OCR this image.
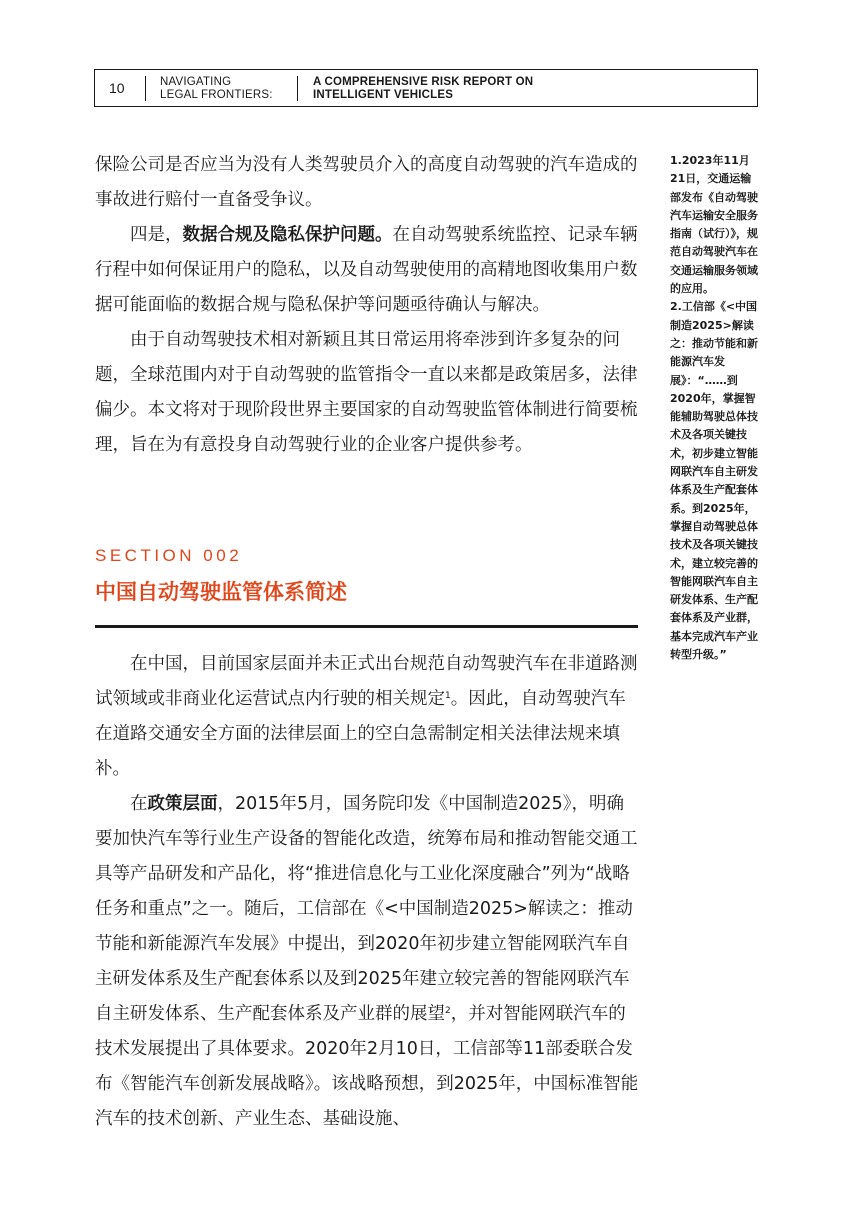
10	NAVIGATING
LEGAL FRONTIERS:
A COMPREHENSIVE RISK REPORT ON
INTELLIGENT VEHICLES

保险公司是否应当为没有人类驾驶员介入的高度自动驾驶的汽车造成的事故进行赔付一直备受争议。

四是，数据合规及隐私保护问题。在自动驾驶系统监控、记录车辆行程中如何保证用户的隐私，以及自动驾驶使用的高精地图收集用户数据可能面临的数据合规与隐私保护等问题亟待确认与解决。

由于自动驾驶技术相对新颖且其日常运用将牵涉到许多复杂的问题，全球范围内对于自动驾驶的监管指令一直以来都是政策居多，法律偏少。本文将对于现阶段世界主要国家的自动驾驶监管体制进行简要梳理，旨在为有意投身自动驾驶行业的企业客户提供参考。

SECTION 002
中国自动驾驶监管体系简述

在中国，目前国家层面并未正式出台规范自动驾驶汽车在非道路测试领域或非商业化运营试点内行驶的相关规定$^1$。因此，自动驾驶汽车在道路交通安全方面的法律层面上的空白急需制定相关法律法规来填补。

在政策层面，2015年5月，国务院印发《中国制造2025》，明确要加快汽车等行业生产设备的智能化改造，统筹布局和推动智能交通工具等产品研发和产品化，将“推进信息化与工业化深度融合”列为“战略任务和重点”之一。随后，工信部在《<中国制造2025>解读之：推动节能和新能源汽车发展》中提出，到2020年初步建立智能网联汽车自主研发体系及生产配套体系以及到2025年建立较完善的智能网联汽车自主研发体系、生产配套体系及产业群的展望$^2$，并对智能网联汽车的技术发展提出了具体要求。2020年2月10日，工信部等11部委联合发布《智能汽车创新发展战略》。该战略预想，到2025年，中国标准智能汽车的技术创新、产业生态、基础设施、

1.2023年11月21日，交通运输部发布《自动驾驶汽车运输安全服务指南（试行）》，规范自动驾驶汽车在交通运输服务领域的应用。

2.工信部《<中国制造2025>解读之：推动节能和新能源汽车发展》：“……到2020年，掌握智能辅助驾驶总体技术及各项关键技术，初步建立智能网联汽车自主研发体系及生产配套体系。到2025年，掌握自动驾驶总体技术及各项关键技术，建立较完善的智能网联汽车自主研发体系、生产配套体系及产业群，基本完成汽车产业转型升级。”
